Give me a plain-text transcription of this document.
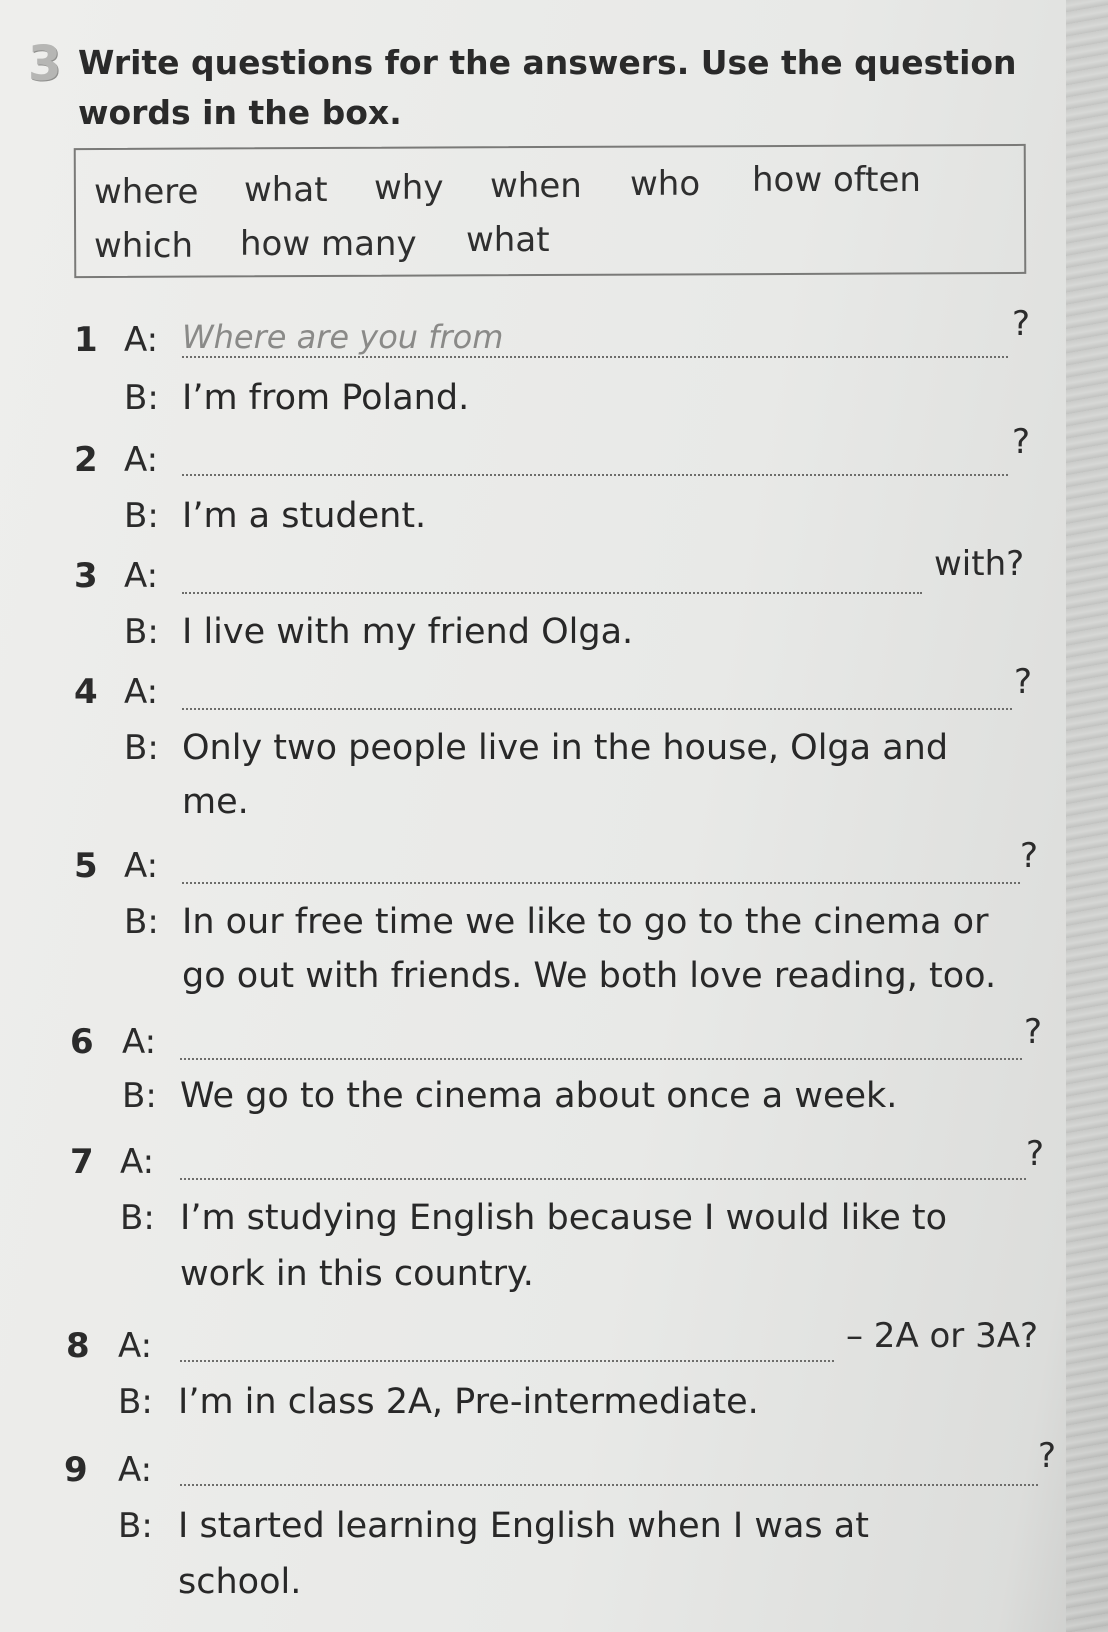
3 Write questions for the answers. Use the question
words in the box.
where what why when who how often
which how many what
1 A: Where are you from	?
B: I’m from Poland.
2 A:	?
B: I’m a student.
3 A:	with?
B: I live with my friend Olga.
4 A:	?
B: Only two people live in the house, Olga and
me.
5 A:	?
B: In our free time we like to go to the cinema or
go out with friends. We both love reading, too.
6 A:	?
B: We go to the cinema about once a week.
7 A:	?
B: I’m studying English because I would like to
work in this country.
8 A:	– 2A or 3A?
B: I’m in class 2A, Pre-intermediate.
9 A:	?
B: I started learning English when I was at
school.
